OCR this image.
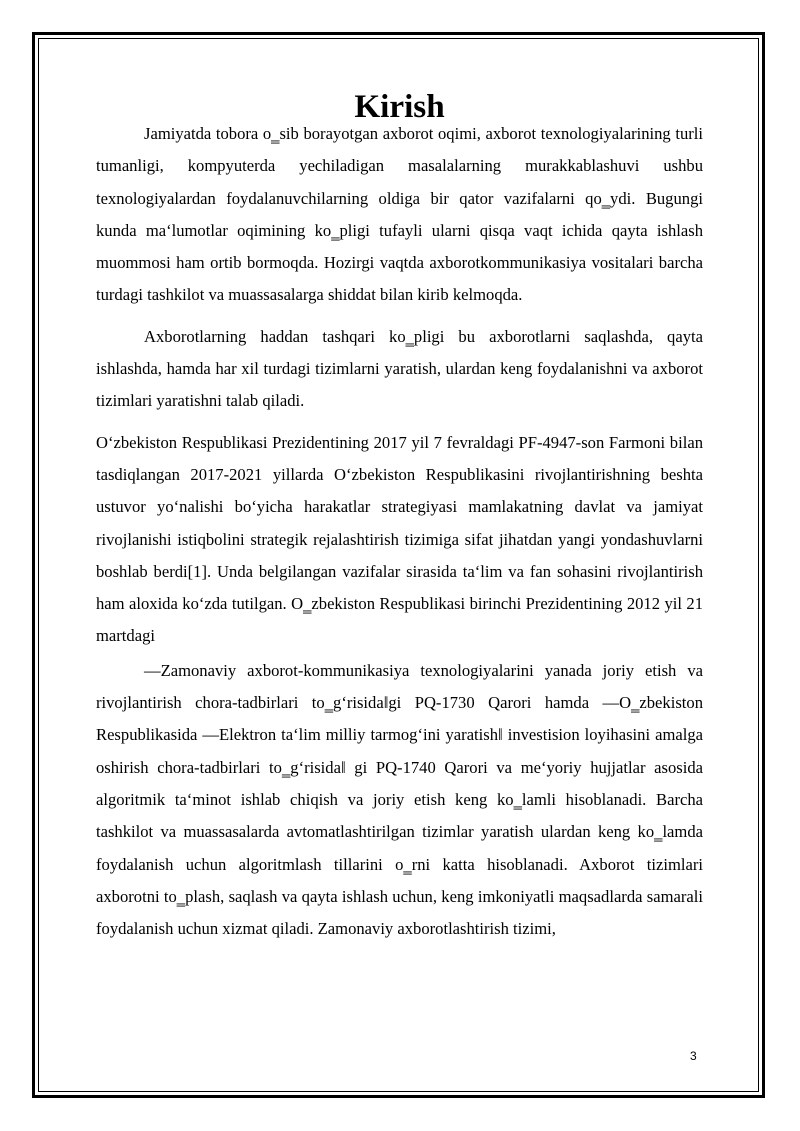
Kirish

Jamiyatda tobora o‗sib borayotgan axborot oqimi, axborot texnologiyalarining turli tumanligi, kompyuterda yechiladigan masalalarning murakkablashuvi ushbu texnologiyalardan foydalanuvchilarning oldiga bir qator vazifalarni qo‗ydi. Bugungi kunda ma‘lumotlar oqimining ko‗pligi tufayli ularni qisqa vaqt ichida qayta ishlash muommosi ham ortib bormoqda. Hozirgi vaqtda axborotkommunikasiya vositalari barcha turdagi tashkilot va muassasalarga shiddat bilan kirib kelmoqda.

Axborotlarning haddan tashqari ko‗pligi bu axborotlarni saqlashda, qayta ishlashda, hamda har xil turdagi tizimlarni yaratish, ulardan keng foydalanishni va axborot tizimlari yaratishni talab qiladi.

O‘zbekiston Respublikasi Prezidentining 2017 yil 7 fevraldagi PF-4947-son Farmoni bilan tasdiqlangan 2017-2021 yillarda O‘zbekiston Respublikasini rivojlantirishning beshta ustuvor yo‘nalishi bo‘yicha harakatlar strategiyasi mamlakatning davlat va jamiyat rivojlanishi istiqbolini strategik rejalashtirish tizimiga sifat jihatdan yangi yondashuvlarni boshlab berdi[1]. Unda belgilangan vazifalar sirasida ta‘lim va fan sohasini rivojlantirish ham aloxida ko‘zda tutilgan. O‗zbekiston Respublikasi birinchi Prezidentining 2012 yil 21 martdagi

―Zamonaviy axborot-kommunikasiya texnologiyalarini yanada joriy etish va rivojlantirish chora-tadbirlari to‗g‘risida‖gi PQ-1730 Qarori hamda ―O‗zbekiston Respublikasida ―Elektron ta‘lim milliy tarmog‘ini yaratish‖ investision loyihasini amalga oshirish chora-tadbirlari to‗g‘risida‖ gi PQ-1740 Qarori va me‘yoriy hujjatlar asosida algoritmik ta‘minot ishlab chiqish va joriy etish keng ko‗lamli hisoblanadi. Barcha tashkilot va muassasalarda avtomatlashtirilgan tizimlar yaratish ulardan keng ko‗lamda foydalanish uchun algoritmlash tillarini o‗rni katta hisoblanadi. Axborot tizimlari axborotni to‗plash, saqlash va qayta ishlash uchun, keng imkoniyatli maqsadlarda samarali foydalanish uchun xizmat qiladi. Zamonaviy axborotlashtirish tizimi,

3
